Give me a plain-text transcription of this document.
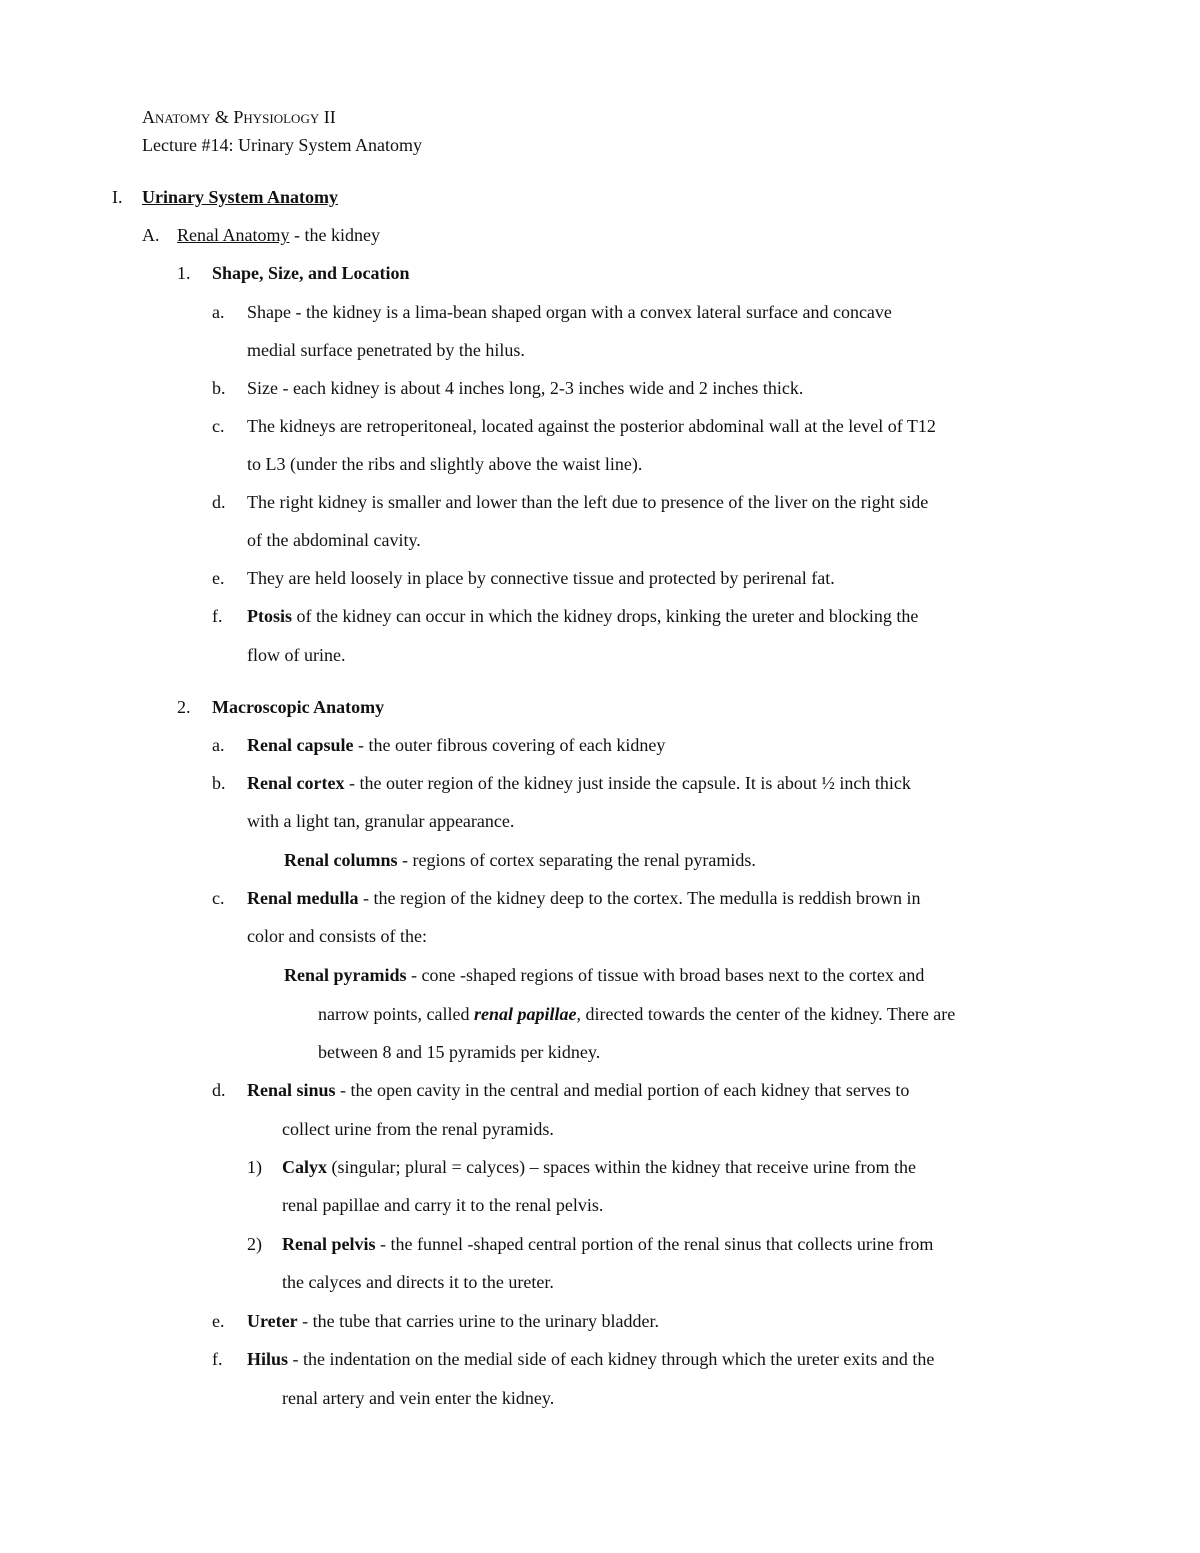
Anatomy & Physiology II
Lecture #14: Urinary System Anatomy
I. Urinary System Anatomy
A. Renal Anatomy - the kidney
1. Shape, Size, and Location
a. Shape - the kidney is a lima-bean shaped organ with a convex lateral surface and concave
medial surface penetrated by the hilus.
b. Size - each kidney is about 4 inches long, 2-3 inches wide and 2 inches thick.
c. The kidneys are retroperitoneal, located against the posterior abdominal wall at the level of T12
to L3 (under the ribs and slightly above the waist line).
d. The right kidney is smaller and lower than the left due to presence of the liver on the right side
of the abdominal cavity.
e. They are held loosely in place by connective tissue and protected by perirenal fat.
f. Ptosis of the kidney can occur in which the kidney drops, kinking the ureter and blocking the
flow of urine.
2. Macroscopic Anatomy
a. Renal capsule - the outer fibrous covering of each kidney
b. Renal cortex - the outer region of the kidney just inside the capsule. It is about ½ inch thick
with a light tan, granular appearance.
Renal columns - regions of cortex separating the renal pyramids.
c. Renal medulla - the region of the kidney deep to the cortex. The medulla is reddish brown in
color and consists of the:
Renal pyramids - cone -shaped regions of tissue with broad bases next to the cortex and
narrow points, called renal papillae, directed towards the center of the kidney. There are
between 8 and 15 pyramids per kidney.
d. Renal sinus - the open cavity in the central and medial portion of each kidney that serves to
collect urine from the renal pyramids.
1) Calyx (singular; plural = calyces) – spaces within the kidney that receive urine from the
renal papillae and carry it to the renal pelvis.
2) Renal pelvis - the funnel -shaped central portion of the renal sinus that collects urine from
the calyces and directs it to the ureter.
e. Ureter - the tube that carries urine to the urinary bladder.
f. Hilus - the indentation on the medial side of each kidney through which the ureter exits and the
renal artery and vein enter the kidney.
